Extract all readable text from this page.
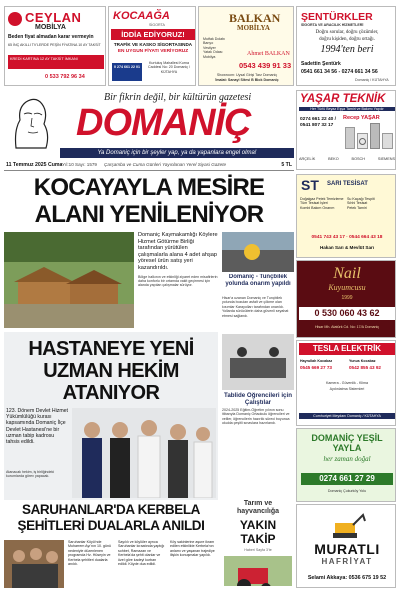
CEYLAN
MOBİLYA
Beden fiyat almadan karar vermeyin
65 İNÇ AKILLI TV'LERDE PEŞİN FİYATINA 10 AY TAKSİT
KREDİ KARTINA 12 AY TAKSİT İMKANI
0 533 792 96 34
KOCAAĞA
SİGORTA
İDDİA EDİYORUZ!
TRAFİK VE KASKO SİGORTASINDA
EN UYGUN FİYATI VERİYORUZ
Kurtuluş Mahallesi Kurna Caddesi No: 20 Domaniç / KÜTAHYA
0 274 661 22 01
BALKAN
MOBİLYA
Mutfak Dolabı
Banyo
Vestiyer
Yatak Odası
Mobilya	Ahmet BALKAN
0543 439 91 33
Showroom: Uysal Girişi Tarz Domaniç
İmalat: Sanayi Sitesi B Blok Domaniç
ŞENTÜRKLER
SİGORTA VE ARACILIK HİZMETLERİ
Doğru sorular, doğru çözümler,
doğru kişiden, doğru ortağı.
1994'ten beri
Sadettin Şentürk
0541 661 34 56 - 0274 661 34 56
Domaniç / KÜTAHYA
Bir fikrin değil, bir kültürün gazetesi
DOMANİÇ
Ya Domaniç için bir şeyler yap, ya da yapanlara engel olma!
11 Temmuz 2025 Cuma Yıl:10 Sayı: 1579 Çarşamba ve Cuma Günleri Yayınlanan Yerel Siyasi Gazete	5 TL
YAŞAR TEKNİK
Her Türlü Beyaz Eşya Tamiri ve Bakımı Yapılır
0274 661 22 40 / 0541 807 32 17
Recep YAŞAR
ARÇELİK	BEKO	BOSCH	SIEMENS
KOCAYAYLA MESİRE
ALANI YENİLENİYOR

Domaniç Kaymakamlığı Köylere Hizmet Götürme Birliği tarafından yürütülen çalışmalarla alana 4 adet ahşap yöresel ürün satış yeri kazandırıldı.

Bölge halkının ve etkinliği ziyaret eden misafirlerin daha konforlu bir ortamda vakit geçirmesi için alanda yapılan çalışmalar sürüyor.

Domaniç - Tunçbilek yolunda onarım yapıldı
Hisar'a uzanan Domaniç ve Tunçbilek yolunda bozulan asfalt ve çökme olan kısımlar Karayolları tarafından onarıldı. Yollarda sürücülerin daha güvenli seyahat etmesi sağlandı.
HASTANEYE YENİ
UZMAN HEKİM
ATANIYOR
123. Dönem Devlet Hizmet Yükümlülüğü kurası kapsamında Domaniç İlçe Devlet Hastanesi'ne bir uzman tabip kadrosu tahsis edildi.
Atanacak hekim, iş birliğindeki kurumlarda görev yapacak.
Tablide Öğrencileri için Çalıştılar
2024-2025 Eğitim-Öğretim yılının sonu itibarıyla Domaniç Ortaokulu öğrencileri ve veliler, öğrencilerin hazırlık süreci boyunca okulda çeşitli sınavlara hazırlandı.
SARUHANLAR'DA KERBELA
ŞEHİTLERİ DUALARLA ANILDI
Saruhanlar Köyü'nde Muharrem Ayı'nın 10. günü nedeniyle düzenlenen programda Hz. Hüseyin ve Kerbela şehitleri dualarla anıldı.
Sayılılı ve köylüler ayrıca Saruhanlar kıraatında yaptığı sohbet, Ramazan ve Kerbela'da şehit olanlar ve özel göre kadeyi kurban edildi. Köyde dua edildi.
Köy sakinlerine aşure ikram edilen etkinlikte Kerbela'nın anlamı ve yaşanan trajediye ilişkin konuşmalar yapıldı.
Tarım ve hayvancılığa
YAKIN TAKİP
Haberi Sayfa 3'te
ST SARI TESİSAT
Doğalgaz Petek Temizleme
Tüm Tesisat İşleri
Kombi Bakım Onarım
Su Kaçağı Tespiti
Sıhhi Tesisat
Petek Tamiri
0541 743 43 17 · 0544 664 43 18
Hakan Sarı & Mevlüt Sarı
Nail
Kuyumcusu
1999
0 530 060 43 62
Hisar Mh. Atatürk Cd. No: 17/A Domaniç
TESLA ELEKTRİK
Hayrullah Kocabaz
0545 669 27 73
Yunus Kocabaz
0542 855 43 92
Kamera - Güvenlik - Klima
Aydınlatma Sistemleri
Cumhuriyet Meydanı Domaniç / KÜTAHYA
DOMANİÇ YEŞİL YAYLA
her zaman doğal
0274 661 27 29
Domaniç Çukurköy Yolu
MURATLI
HAFRİYAT
Selami Akkaya: 0536 675 19 52
